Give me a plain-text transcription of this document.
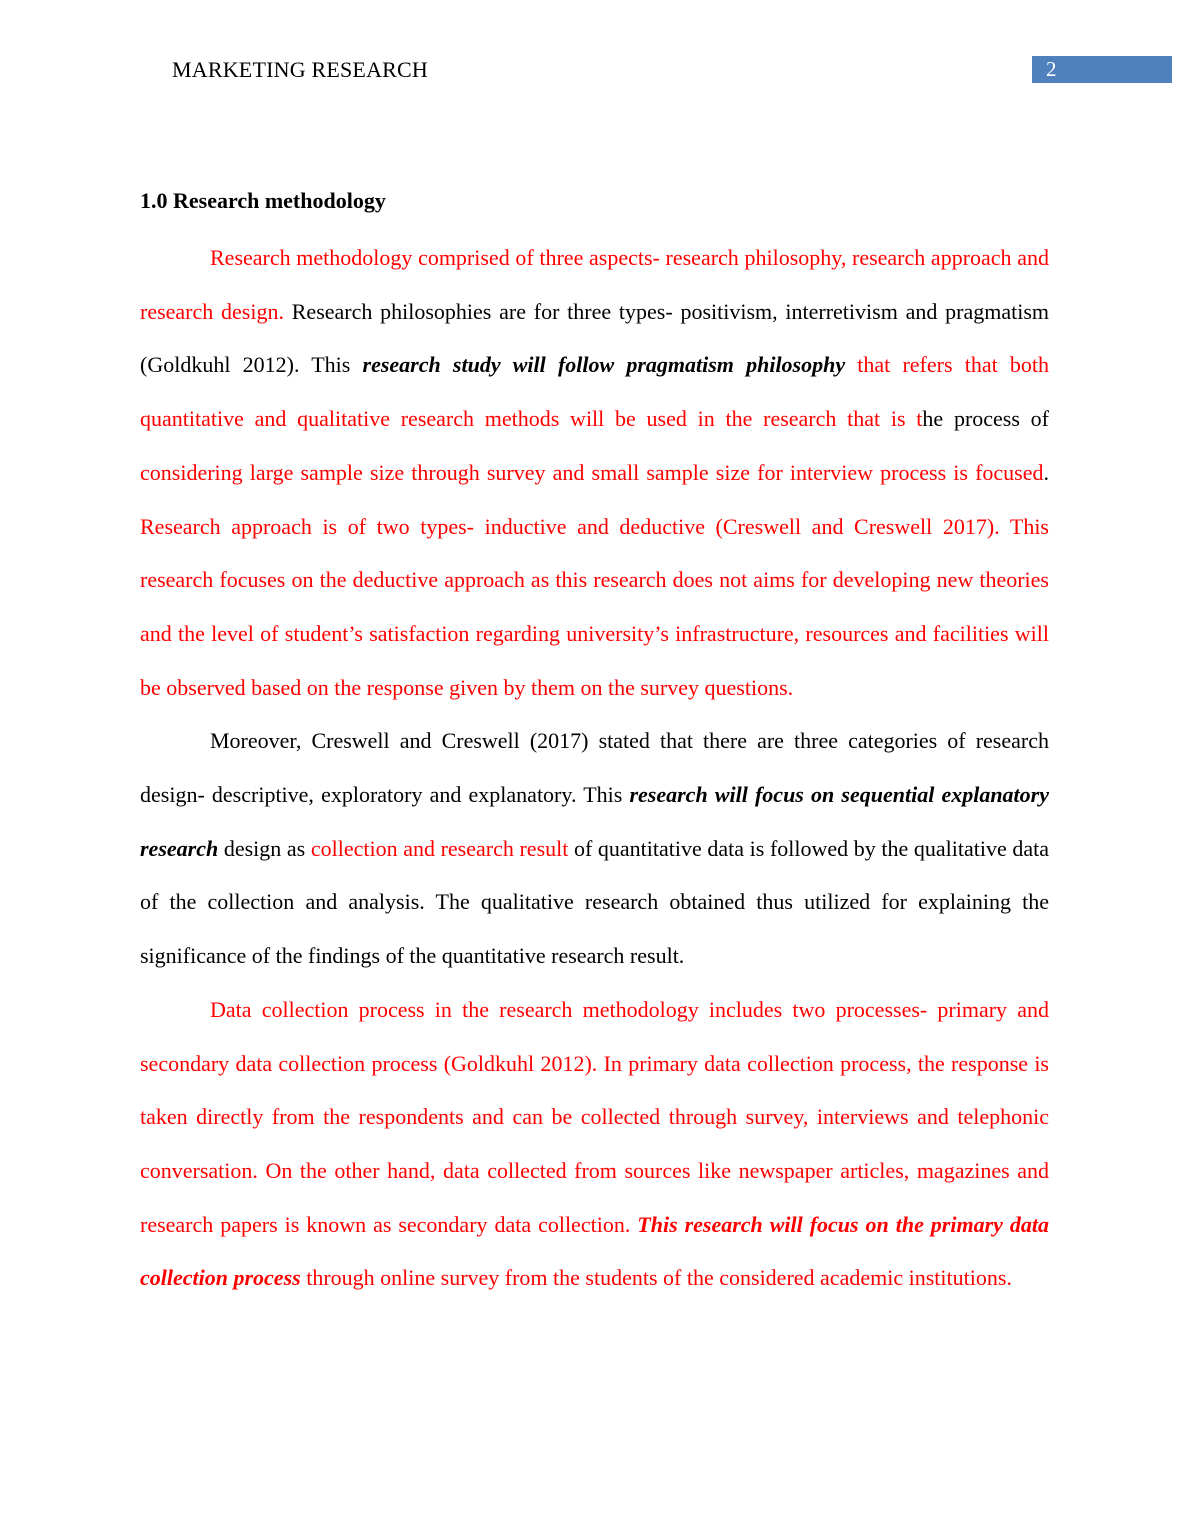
MARKETING RESEARCH	2
1.0 Research methodology

Research methodology comprised of three aspects- research philosophy, research approach and research design. Research philosophies are for three types- positivism, interretivism and pragmatism (Goldkuhl 2012). This research study will follow pragmatism philosophy that refers that both quantitative and qualitative research methods will be used in the research that is the process of considering large sample size through survey and small sample size for interview process is focused. Research approach is of two types- inductive and deductive (Creswell and Creswell 2017). This research focuses on the deductive approach as this research does not aims for developing new theories and the level of student’s satisfaction regarding university’s infrastructure, resources and facilities will be observed based on the response given by them on the survey questions.

Moreover, Creswell and Creswell (2017) stated that there are three categories of research design- descriptive, exploratory and explanatory. This research will focus on sequential explanatory research design as collection and research result of quantitative data is followed by the qualitative data of the collection and analysis. The qualitative research obtained thus utilized for explaining the significance of the findings of the quantitative research result.

Data collection process in the research methodology includes two processes- primary and secondary data collection process (Goldkuhl 2012). In primary data collection process, the response is taken directly from the respondents and can be collected through survey, interviews and telephonic conversation. On the other hand, data collected from sources like newspaper articles, magazines and research papers is known as secondary data collection. This research will focus on the primary data collection process through online survey from the students of the considered academic institutions.
